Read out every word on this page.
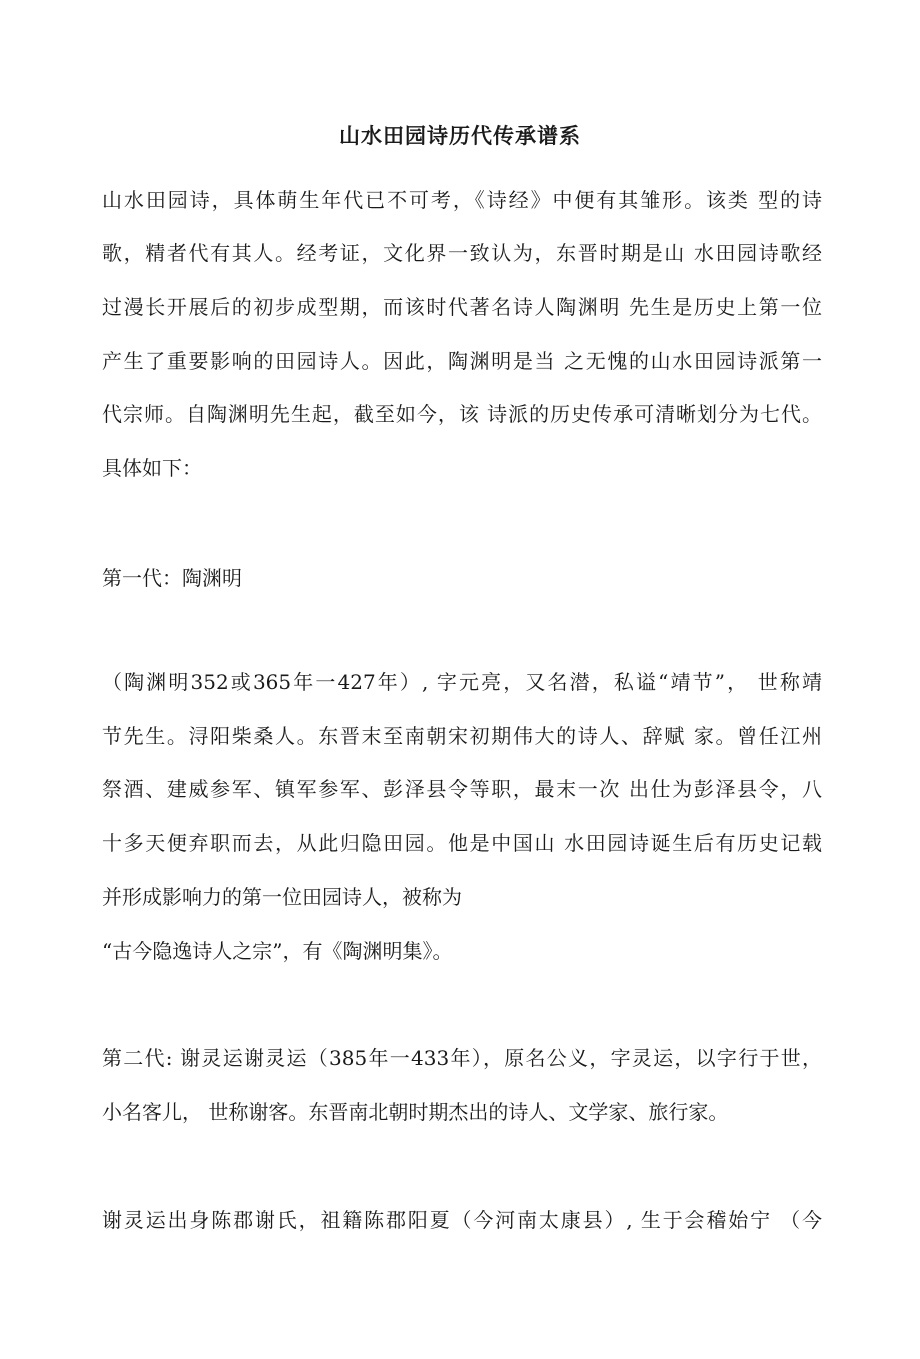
山水田园诗历代传承谱系
山水田园诗，具体萌生年代已不可考，《诗经》中便有其雏形。该类 型的诗
歌，精者代有其人。经考证，文化界一致认为，东晋时期是山 水田园诗歌经
过漫长开展后的初步成型期，而该时代著名诗人陶渊明 先生是历史上第一位
产生了重要影响的田园诗人。因此，陶渊明是当 之无愧的山水田园诗派第一
代宗师。自陶渊明先生起，截至如今，该 诗派的历史传承可清晰划分为七代。
具体如下：
第一代：陶渊明
（陶渊明352或365年一427年）, 字元亮，又名潜，私谥“靖节”， 世称靖
节先生。浔阳柴桑人。东晋末至南朝宋初期伟大的诗人、辞赋 家。曾任江州
祭酒、建威参军、镇军参军、彭泽县令等职，最末一次 出仕为彭泽县令，八
十多天便弃职而去，从此归隐田园。他是中国山 水田园诗诞生后有历史记载
并形成影响力的第一位田园诗人，被称为
“古今隐逸诗人之宗”，有《陶渊明集》。
第二代: 谢灵运谢灵运（385年一433年），原名公义，字灵运，以字行于世，
小名客儿， 世称谢客。东晋南北朝时期杰出的诗人、文学家、旅行家。
谢灵运出身陈郡谢氏，祖籍陈郡阳夏（今河南太康县）, 生于会稽始宁 （今
